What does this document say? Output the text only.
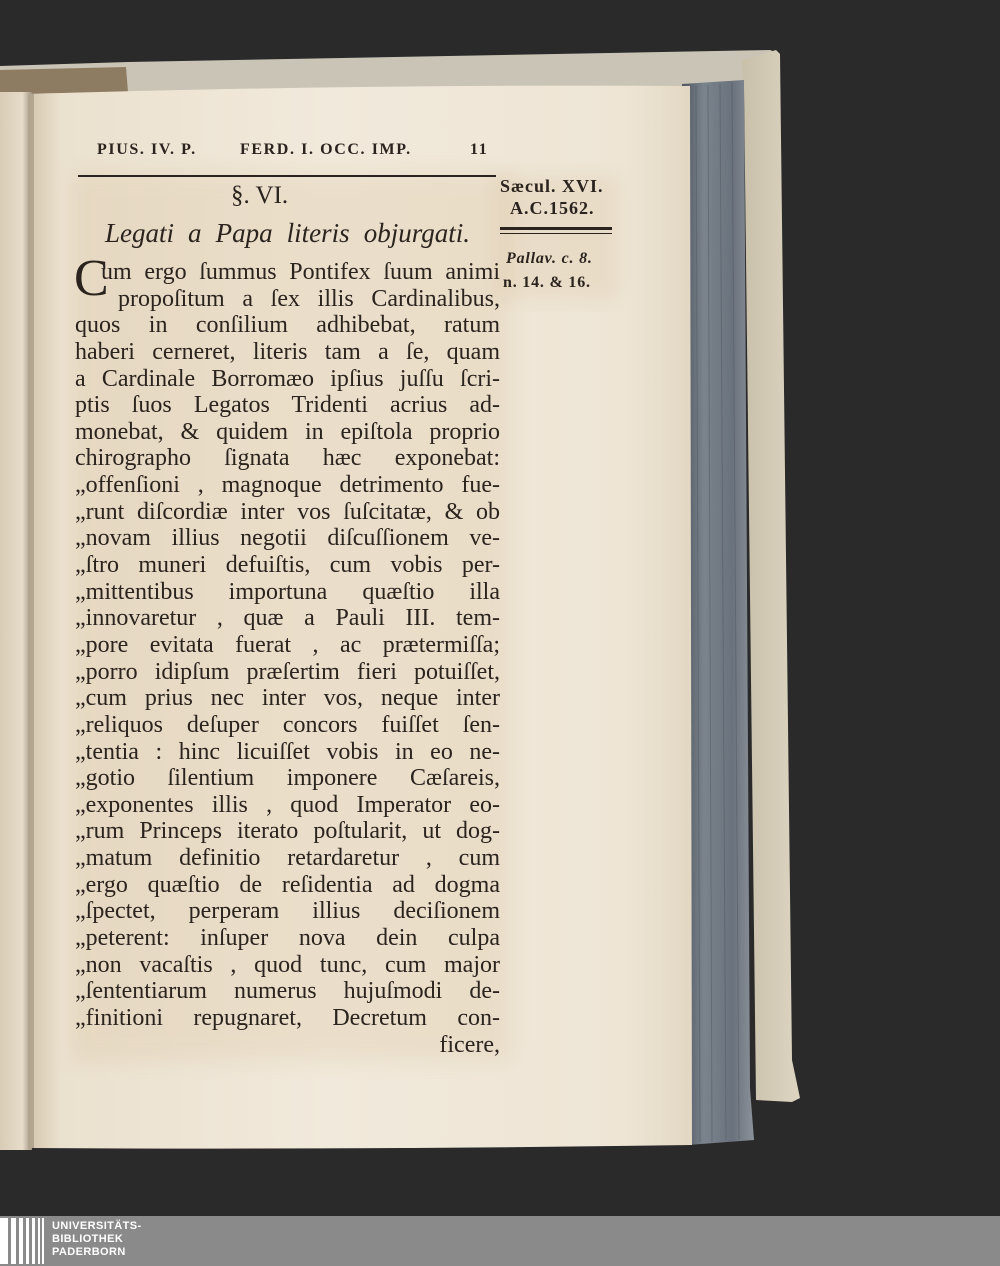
PIUS. IV. P.	FERD. I. OCC. IMP.	11
§. VI.
Legati a Papa literis objurgati.
Sæcul. XVI.
A.C.1562.
Pallav. c. 8.
n. 14. & 16.
C
um ergo ſummus Pontifex ſuum animi
propoſitum a ſex illis Cardinalibus,
quos in conſilium adhibebat, ratum
haberi cerneret, literis tam a ſe, quam
a Cardinale Borromæo ipſius juſſu ſcri-
ptis ſuos Legatos Tridenti acrius ad-
monebat, & quidem in epiſtola proprio
chirographo ſignata hæc exponebat:
„offenſioni , magnoque detrimento fue-
„runt diſcordiæ inter vos ſuſcitatæ, & ob
„novam illius negotii diſcuſſionem ve-
„ſtro muneri defuiſtis, cum vobis per-
„mittentibus importuna quæſtio illa
„innovaretur , quæ a Pauli III. tem-
„pore evitata fuerat , ac prætermiſſa;
„porro idipſum præſertim fieri potuiſſet,
„cum prius nec inter vos, neque inter
„reliquos deſuper concors fuiſſet ſen-
„tentia : hinc licuiſſet vobis in eo ne-
„gotio ſilentium imponere Cæſareis,
„exponentes illis , quod Imperator eo-
„rum Princeps iterato poſtularit, ut dog-
„matum definitio retardaretur , cum
„ergo quæſtio de reſidentia ad dogma
„ſpectet, perperam illius deciſionem
„peterent: inſuper nova dein culpa
„non vacaſtis , quod tunc, cum major
„ſententiarum numerus hujuſmodi de-
„finitioni repugnaret, Decretum con-
ficere,
UNIVERSITÄTS-
BIBLIOTHEK
PADERBORN
